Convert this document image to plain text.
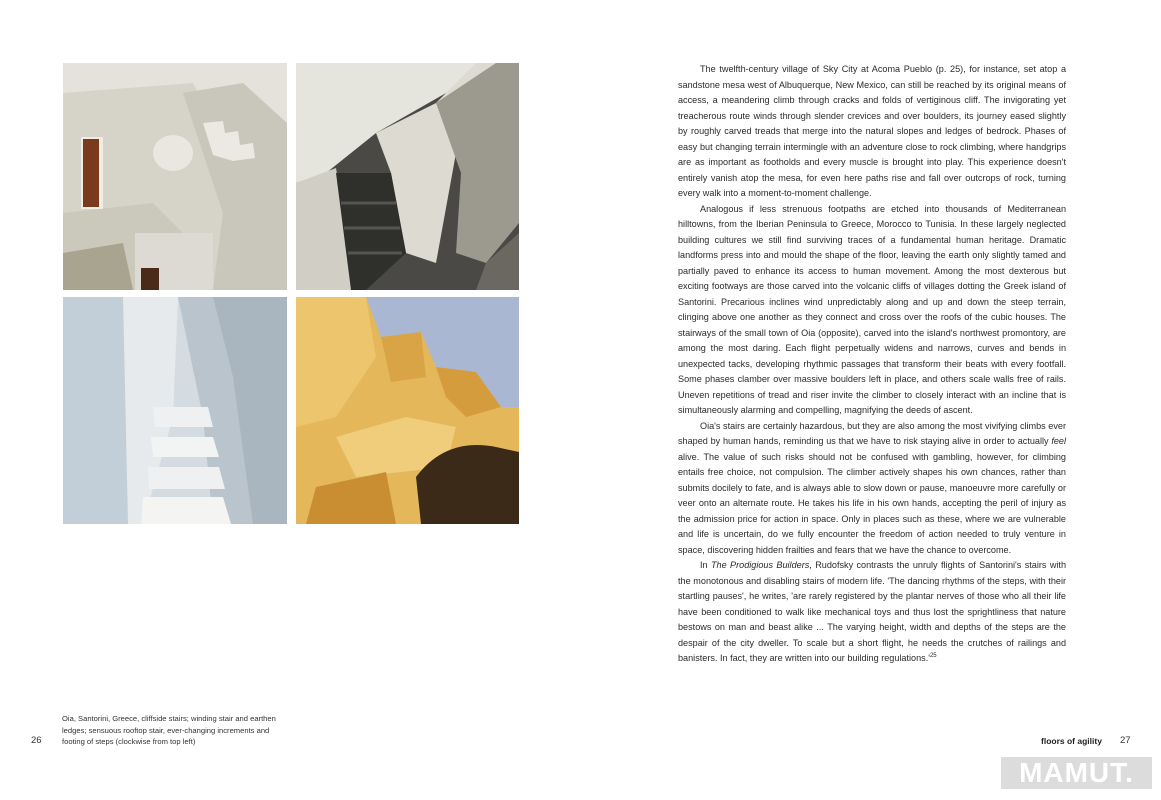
The twelfth-century village of Sky City at Acoma Pueblo (p. 25), for instance, set atop a sandstone mesa west of Albuquerque, New Mexico, can still be reached by its original means of access, a meandering climb through cracks and folds of vertiginous cliff. The invigorating yet treacherous route winds through slender crevices and over boulders, its journey eased slightly by roughly carved treads that merge into the natural slopes and ledges of bedrock. Phases of easy but changing terrain intermingle with an adventure close to rock climbing, where handgrips are as important as footholds and every muscle is brought into play. This experience doesn't entirely vanish atop the mesa, for even here paths rise and fall over outcrops of rock, turning every walk into a moment-to-moment challenge.

Analogous if less strenuous footpaths are etched into thousands of Mediterranean hilltowns, from the Iberian Peninsula to Greece, Morocco to Tunisia. In these largely neglected building cultures we still find surviving traces of a fundamental human heritage. Dramatic landforms press into and mould the shape of the floor, leaving the earth only slightly tamed and partially paved to enhance its access to human movement. Among the most dexterous but exciting footways are those carved into the volcanic cliffs of villages dotting the Greek island of Santorini. Precarious inclines wind unpredictably along and up and down the steep terrain, clinging above one another as they connect and cross over the roofs of the cubic houses. The stairways of the small town of Oia (opposite), carved into the island's northwest promontory, are among the most daring. Each flight perpetually widens and narrows, curves and bends in unexpected tacks, developing rhythmic passages that transform their beats with every footfall. Some phases clamber over massive boulders left in place, and others scale walls free of rails. Uneven repetitions of tread and riser invite the climber to closely interact with an incline that is simultaneously alarming and compelling, magnifying the deeds of ascent.

Oia's stairs are certainly hazardous, but they are also among the most vivifying climbs ever shaped by human hands, reminding us that we have to risk staying alive in order to actually feel alive. The value of such risks should not be confused with gambling, however, for climbing entails free choice, not compulsion. The climber actively shapes his own chances, rather than submits docilely to fate, and is always able to slow down or pause, manoeuvre more carefully or veer onto an alternate route. He takes his life in his own hands, accepting the peril of injury as the admission price for action in space. Only in places such as these, where we are vulnerable and life is uncertain, do we fully encounter the freedom of action needed to truly venture in space, discovering hidden frailties and fears that we have the chance to overcome.

In The Prodigious Builders, Rudofsky contrasts the unruly flights of Santorini's stairs with the monotonous and disabling stairs of modern life. 'The dancing rhythms of the steps, with their startling pauses', he writes, 'are rarely registered by the plantar nerves of those who all their life have been conditioned to walk like mechanical toys and thus lost the sprightliness that nature bestows on man and beast alike ... The varying height, width and depths of the steps are the despair of the city dweller. To scale but a short flight, he needs the crutches of railings and banisters. In fact, they are written into our building $regulations.'^{25}$

Oia, Santorini, Greece, cliffside stairs; winding stair and earthen ledges; sensuous rooftop stair, ever-changing increments and footing of steps (clockwise from top left)
26	floors of agility 27
MAMUT.
